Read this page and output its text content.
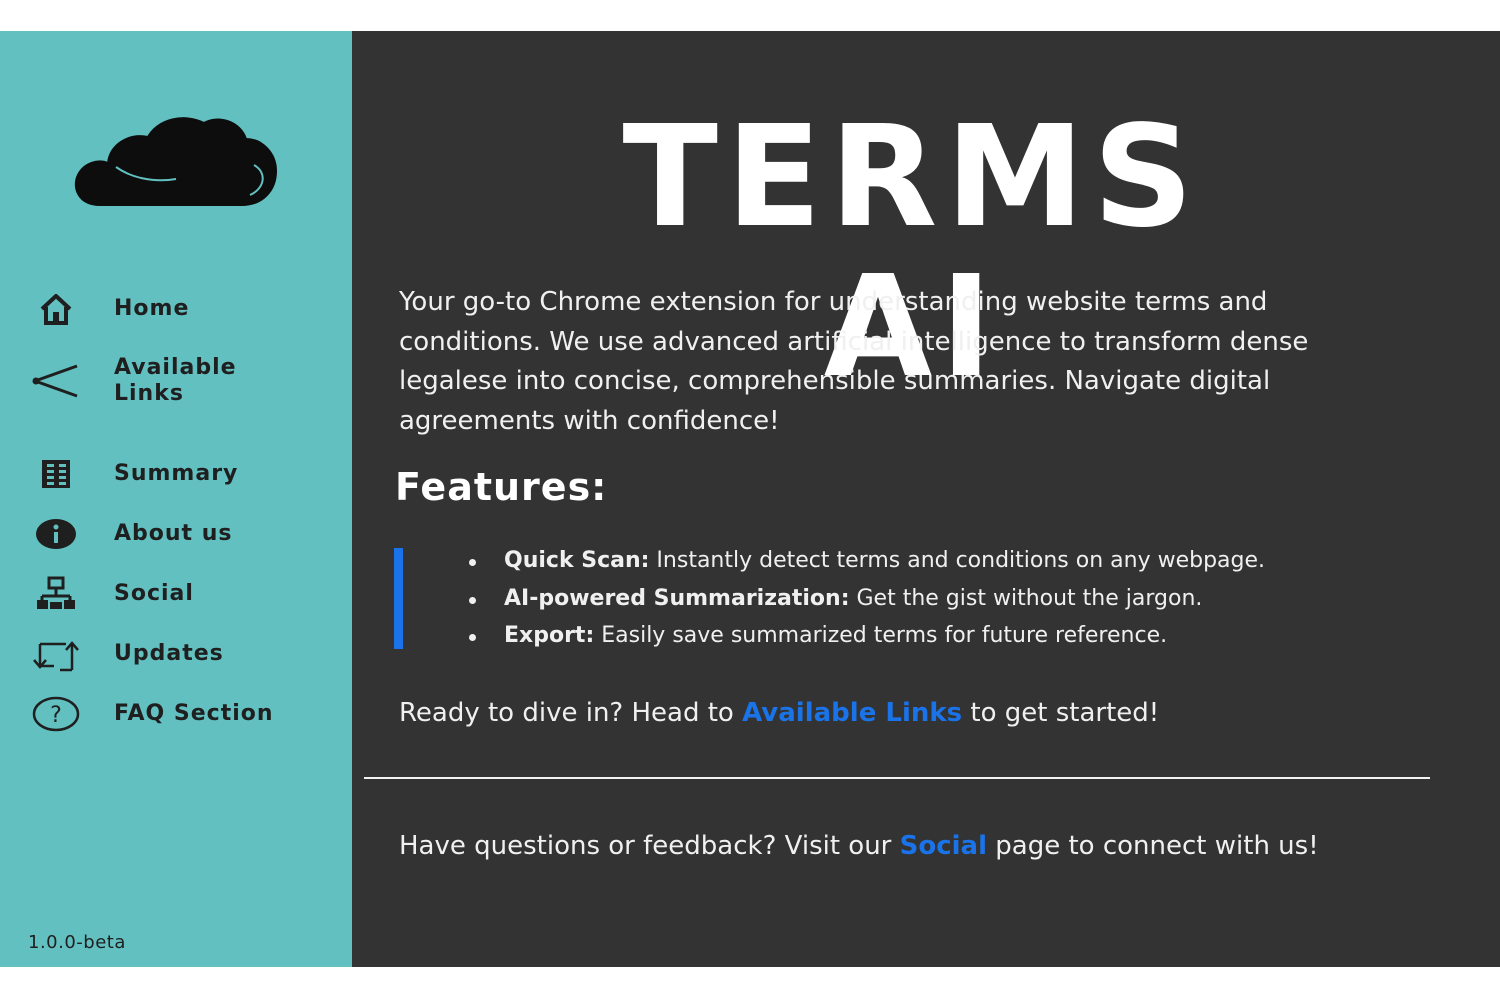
Home
Available Links
Summary
About us
Social
Updates
? FAQ Section
1.0.0-beta
TERMS AI

Your go-to Chrome extension for understanding website terms and conditions. We use advanced artificial intelligence to transform dense legalese into concise, comprehensible summaries. Navigate digital agreements with confidence!

Features:
Quick Scan: Instantly detect terms and conditions on any webpage.
AI-powered Summarization: Get the gist without the jargon.
Export: Easily save summarized terms for future reference.

Ready to dive in? Head to Available Links to get started!

Have questions or feedback? Visit our Social page to connect with us!
